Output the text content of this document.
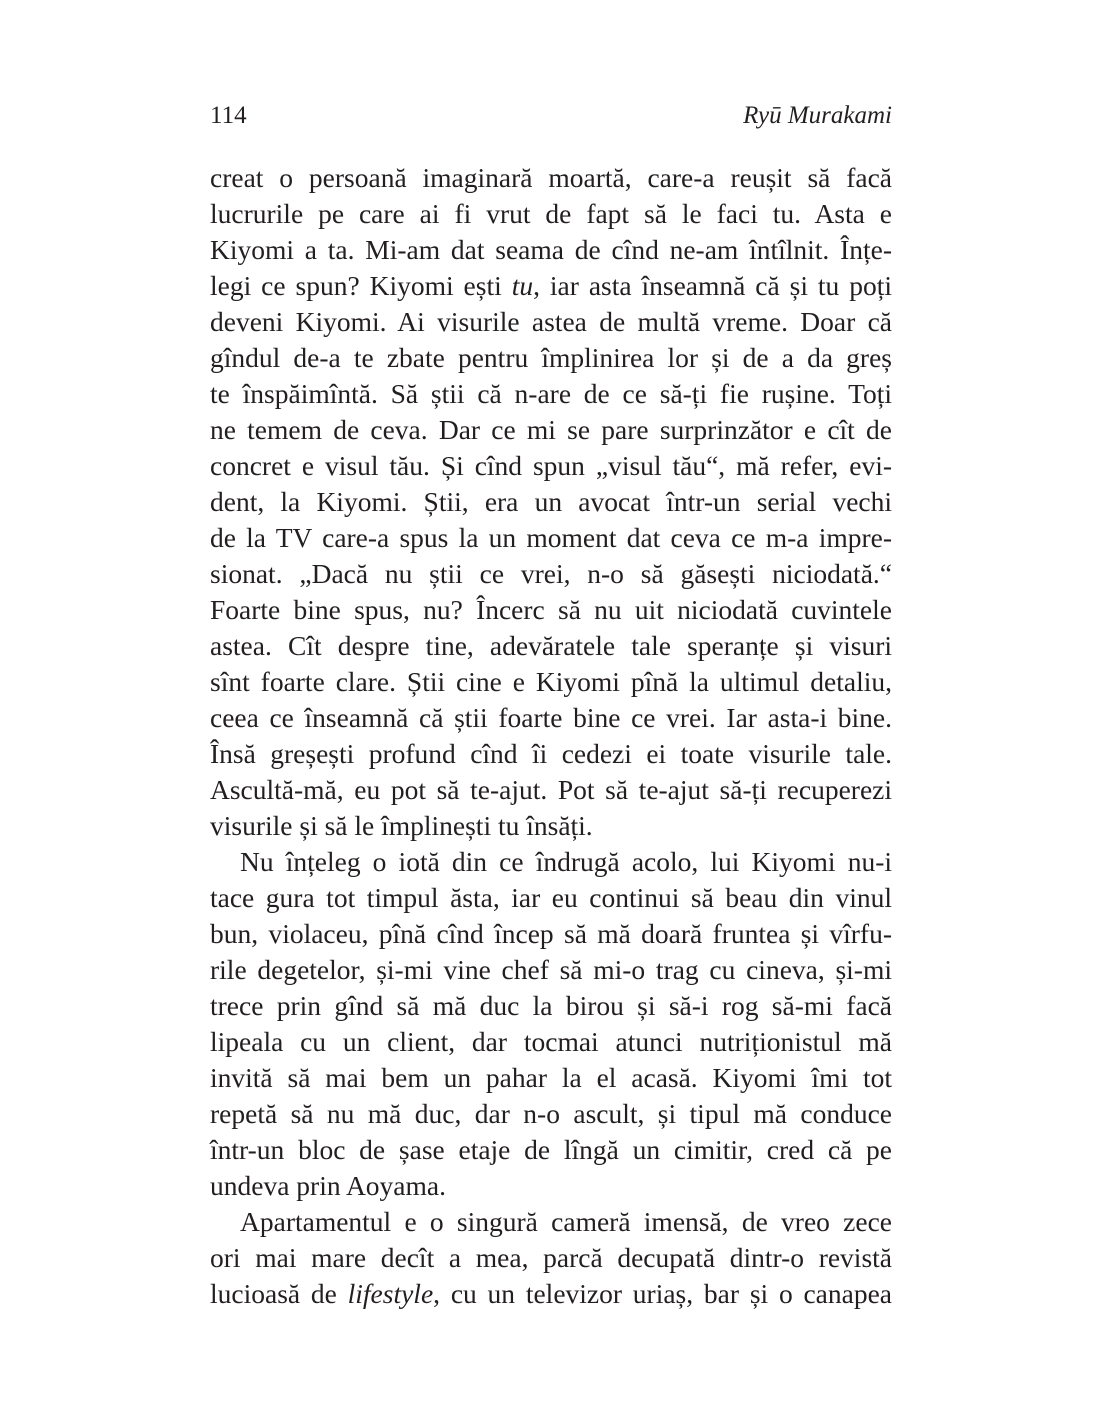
114	Ryū Murakami
creat o persoană imaginară moartă, care-a reușit să facă
lucrurile pe care ai fi vrut de fapt să le faci tu. Asta e
Kiyomi a ta. Mi-am dat seama de cînd ne-am întîlnit. Înțe-
legi ce spun? Kiyomi ești tu, iar asta înseamnă că și tu poți
deveni Kiyomi. Ai visurile astea de multă vreme. Doar că
gîndul de-a te zbate pentru împlinirea lor și de a da greș
te înspăimîntă. Să știi că n-are de ce să-ți fie rușine. Toți
ne temem de ceva. Dar ce mi se pare surprinzător e cît de
concret e visul tău. Și cînd spun „visul tău“, mă refer, evi-
dent, la Kiyomi. Știi, era un avocat într-un serial vechi
de la TV care-a spus la un moment dat ceva ce m-a impre-
sionat. „Dacă nu știi ce vrei, n-o să găsești niciodată.“
Foarte bine spus, nu? Încerc să nu uit niciodată cuvintele
astea. Cît despre tine, adevăratele tale speranțe și visuri
sînt foarte clare. Știi cine e Kiyomi pînă la ultimul detaliu,
ceea ce înseamnă că știi foarte bine ce vrei. Iar asta-i bine.
Însă greșești profund cînd îi cedezi ei toate visurile tale.
Ascultă-mă, eu pot să te-ajut. Pot să te-ajut să-ți recuperezi
visurile și să le împlinești tu însăți.
Nu înțeleg o iotă din ce îndrugă acolo, lui Kiyomi nu-i
tace gura tot timpul ăsta, iar eu continui să beau din vinul
bun, violaceu, pînă cînd încep să mă doară fruntea și vîrfu-
rile degetelor, și-mi vine chef să mi-o trag cu cineva, și-mi
trece prin gînd să mă duc la birou și să-i rog să-mi facă
lipeala cu un client, dar tocmai atunci nutriționistul mă
invită să mai bem un pahar la el acasă. Kiyomi îmi tot
repetă să nu mă duc, dar n-o ascult, și tipul mă conduce
într-un bloc de șase etaje de lîngă un cimitir, cred că pe
undeva prin Aoyama.
Apartamentul e o singură cameră imensă, de vreo zece
ori mai mare decît a mea, parcă decupată dintr-o revistă
lucioasă de lifestyle, cu un televizor uriaș, bar și o canapea
